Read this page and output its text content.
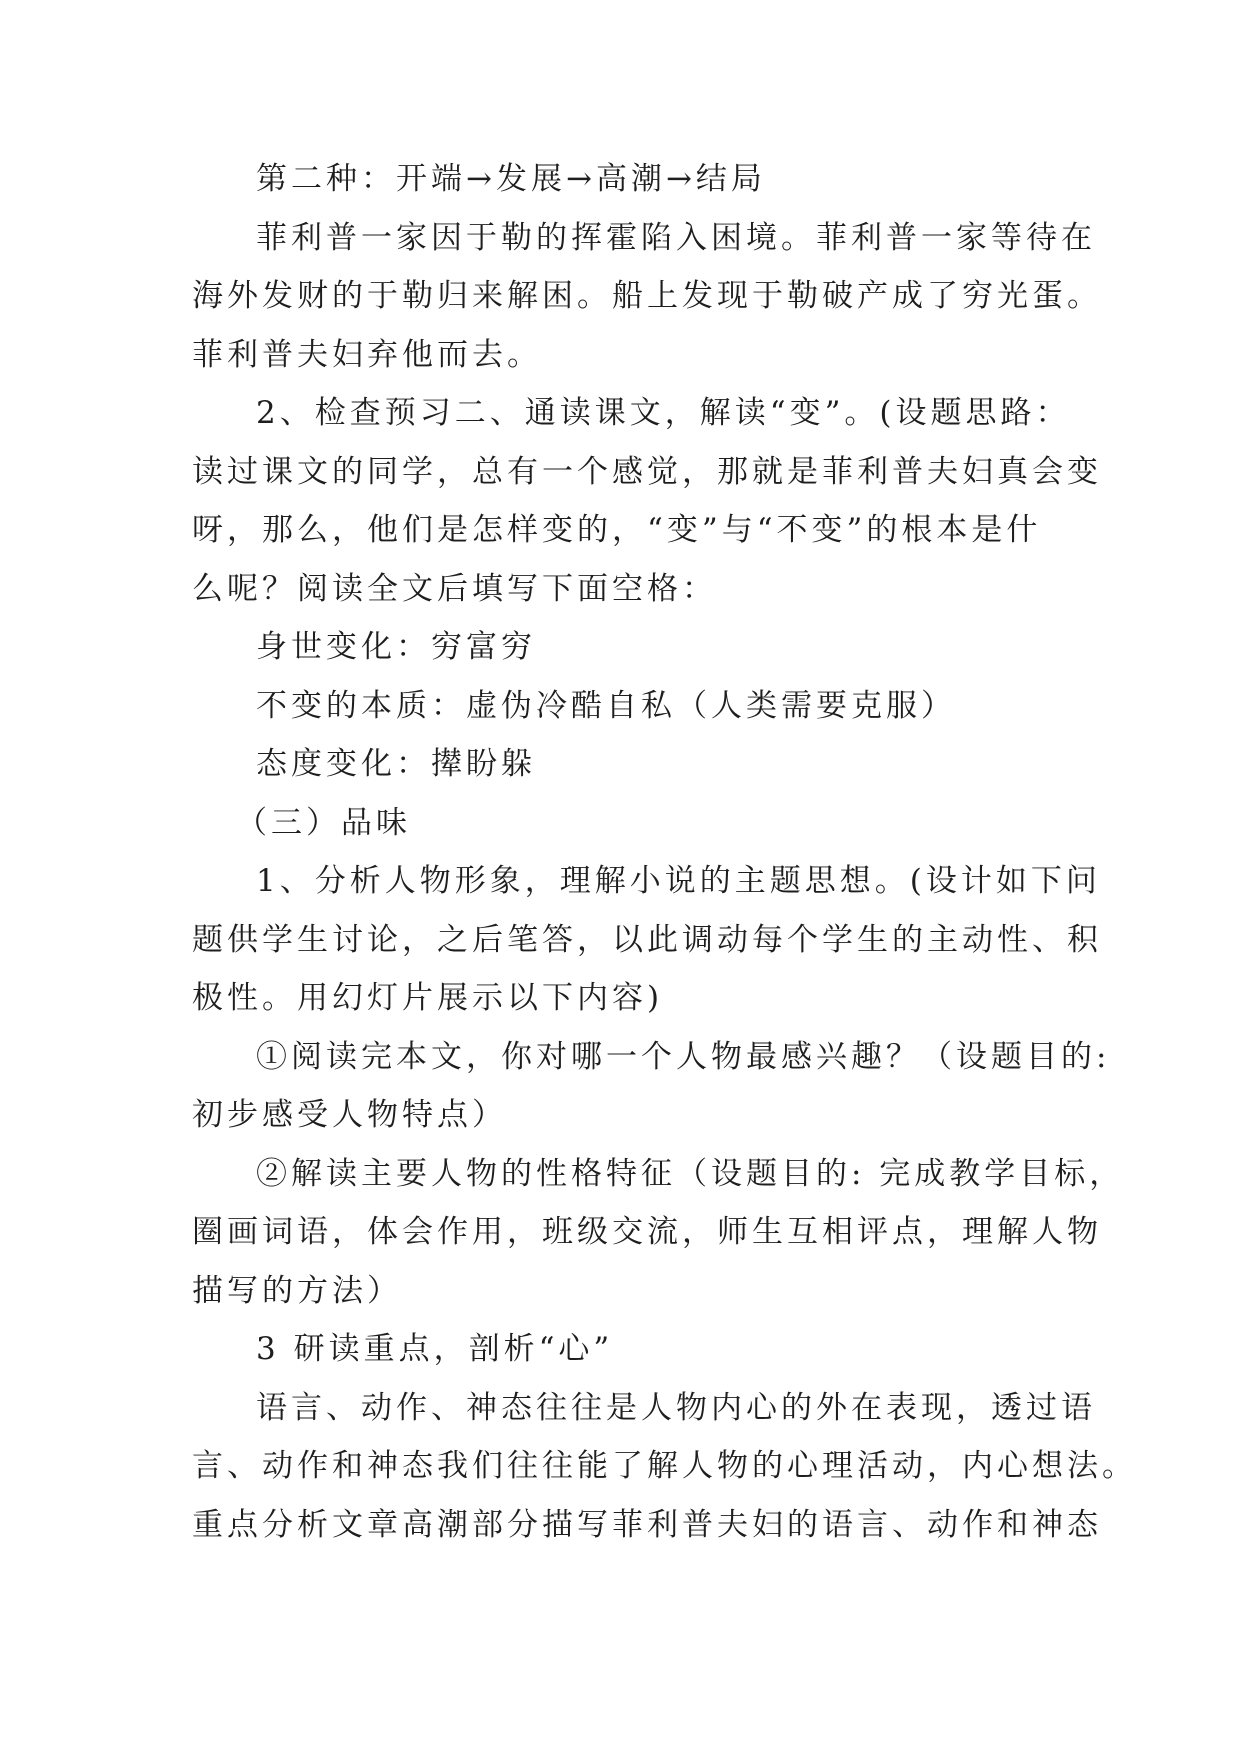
第二种：开端→发展→高潮→结局
菲利普一家因于勒的挥霍陷入困境。菲利普一家等待在
海外发财的于勒归来解困。船上发现于勒破产成了穷光蛋。
菲利普夫妇弃他而去。
2、检查预习二、通读课文，解读“变”。(设题思路：
读过课文的同学，总有一个感觉，那就是菲利普夫妇真会变
呀，那么，他们是怎样变的，“变”与“不变”的根本是什
么呢？阅读全文后填写下面空格：
身世变化：穷富穷
不变的本质：虚伪冷酷自私（人类需要克服）
态度变化：撵盼躲
（三）品味
1、分析人物形象，理解小说的主题思想。(设计如下问
题供学生讨论，之后笔答，以此调动每个学生的主动性、积
极性。用幻灯片展示以下内容)
①阅读完本文，你对哪一个人物最感兴趣？（设题目的:
初步感受人物特点）
②解读主要人物的性格特征（设题目的: 完成教学目标，
圈画词语，体会作用，班级交流，师生互相评点，理解人物
描写的方法）
3 研读重点，剖析“心”
语言、动作、神态往往是人物内心的外在表现，透过语
言、动作和神态我们往往能了解人物的心理活动，内心想法。
重点分析文章高潮部分描写菲利普夫妇的语言、动作和神态
